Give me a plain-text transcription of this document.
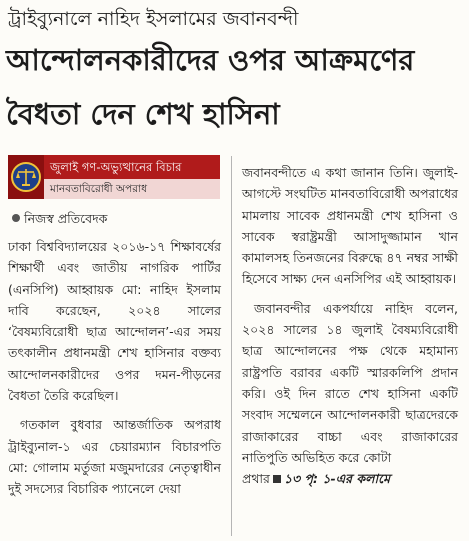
ট্রাইব্যুনালে নাহিদ ইসলামের জবানবন্দী
আন্দোলনকারীদের ওপর আক্রমণের
বৈধতা দেন শেখ হাসিনা
জুলাই গণ-অভ্যুত্থানের বিচার
মানবতাবিরোধী অপরাধ
নিজস্ব প্রতিবেদক

ঢাকা বিশ্ববিদ্যালয়ের ২০১৬-১৭ শিক্ষাবর্ষের শিক্ষার্থী এবং জাতীয় নাগরিক পার্টির (এনসিপি) আহ্বায়ক মো: নাহিদ ইসলাম দাবি করেছেন, ২০২৪ সালের ‘বৈষম্যবিরোধী ছাত্র আন্দোলন’-এর সময় তৎকালীন প্রধানমন্ত্রী শেখ হাসিনার বক্তব্য আন্দোলনকারীদের ওপর দমন-পীড়নের বৈধতা তৈরি করেছিল।

গতকাল বুধবার আন্তর্জাতিক অপরাধ ট্রাইব্যুনাল-১ এর চেয়ারম্যান বিচারপতি মো: গোলাম মর্তুজা মজুমদারের নেতৃত্বাধীন দুই সদস্যের বিচারিক প্যানেলে দেয়া

জবানবন্দীতে এ কথা জানান তিনি। জুলাই-আগস্টে সংঘটিত মানবতাবিরোধী অপরাধের মামলায় সাবেক প্রধানমন্ত্রী শেখ হাসিনা ও সাবেক স্বরাষ্ট্রমন্ত্রী আসাদুজ্জামান খান কামালসহ তিনজনের বিরুদ্ধে ৪৭ নম্বর সাক্ষী হিসেবে সাক্ষ্য দেন এনসিপির এই আহ্বায়ক।

জবানবন্দীর একপর্যায়ে নাহিদ বলেন, ২০২৪ সালের ১৪ জুলাই বৈষম্যবিরোধী ছাত্র আন্দোলনের পক্ষ থেকে মহামান্য রাষ্ট্রপতি বরাবর একটি স্মারকলিপি প্রদান করি। ওই দিন রাতে শেখ হাসিনা একটি সংবাদ সম্মেলনে আন্দোলনকারী ছাত্রদেরকে রাজাকারের বাচ্চা এবং রাজাকারের নাতিপুতি অভিহিত করে কোটা

প্রথার ১৩ পৃ: ১-এর কলামে
